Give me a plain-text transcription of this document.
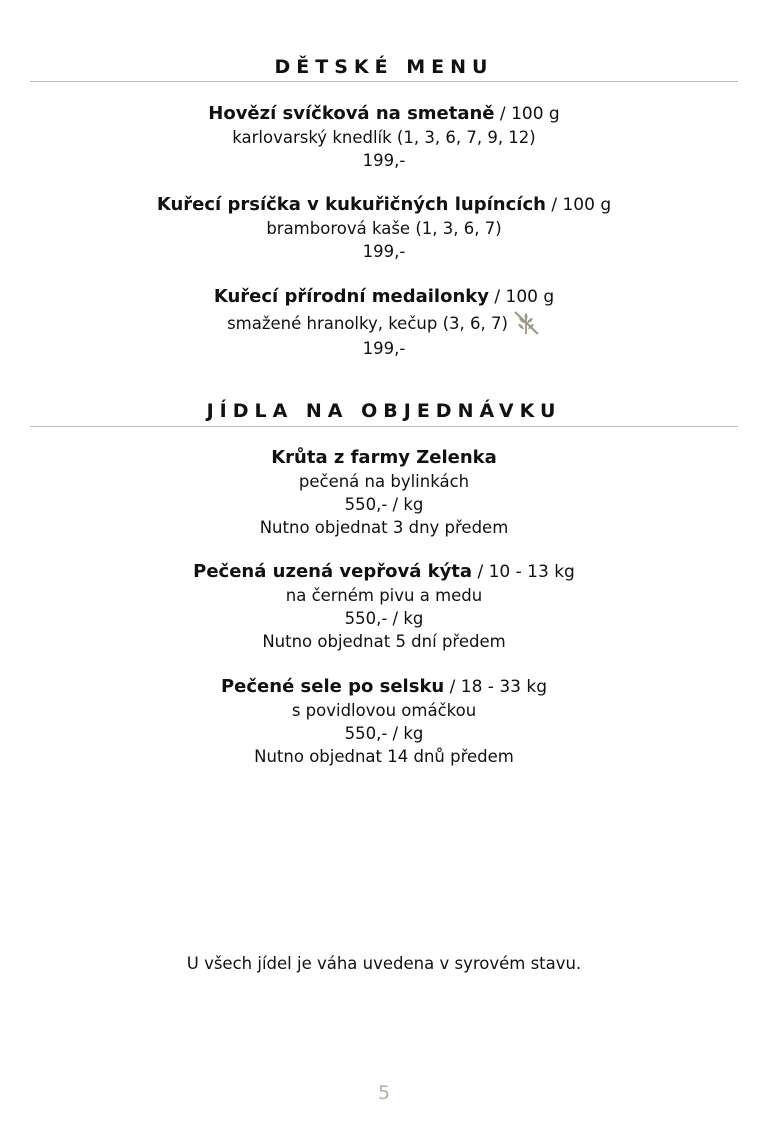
DĚTSKÉ MENU
Hovězí svíčková na smetaně / 100 g
karlovarský knedlík (1, 3, 6, 7, 9, 12)
199,-
Kuřecí prsíčka v kukuřičných lupíncích / 100 g
bramborová kaše (1, 3, 6, 7)
199,-
Kuřecí přírodní medailonky / 100 g
smažené hranolky, kečup (3, 6, 7)
199,-
JÍDLA NA OBJEDNÁVKU
Krůta z farmy Zelenka
pečená na bylinkách
550,- / kg
Nutno objednat 3 dny předem
Pečená uzená vepřová kýta / 10 - 13 kg
na černém pivu a medu
550,- / kg
Nutno objednat 5 dní předem
Pečené sele po selsku / 18 - 33 kg
s povidlovou omáčkou
550,- / kg
Nutno objednat 14 dnů předem
U všech jídel je váha uvedena v syrovém stavu.
5
